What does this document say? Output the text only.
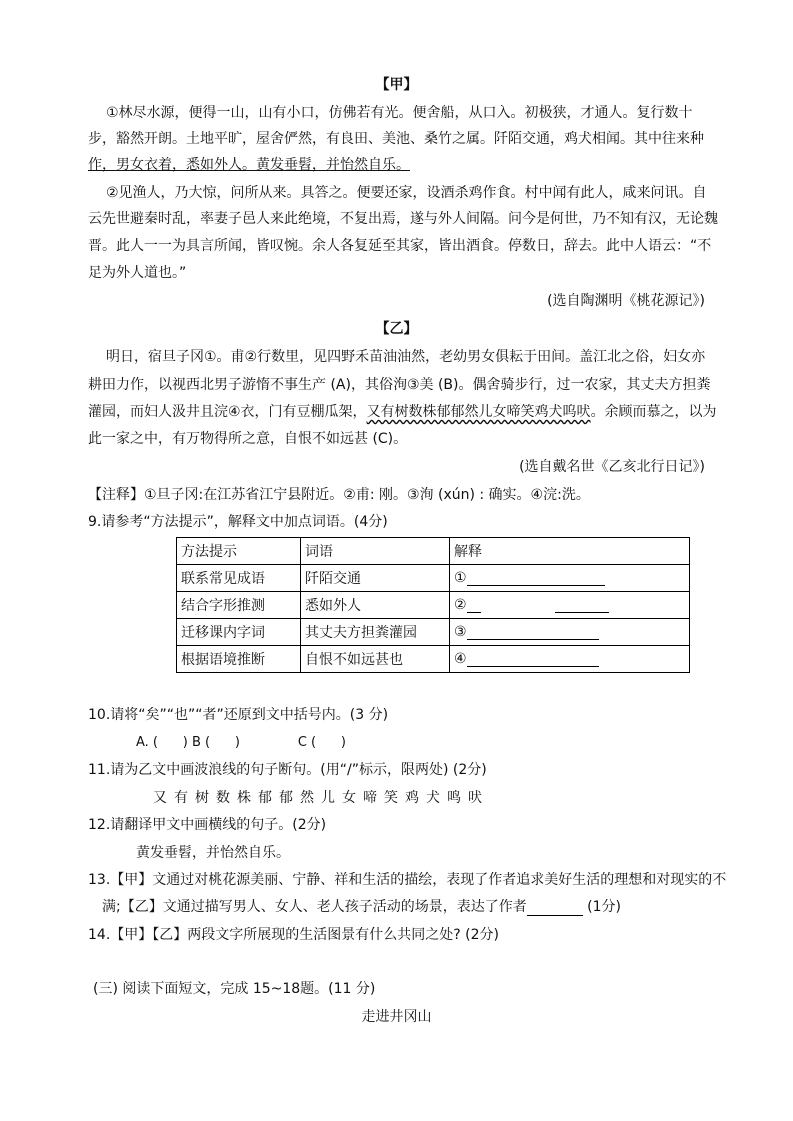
【甲】
①林尽水源，便得一山，山有小口，仿佛若有光。便舍船，从口入。初极狭，才通人。复行数十
步，豁然开朗。土地平旷，屋舍俨然，有良田、美池、桑竹之属。阡陌交通，鸡犬相闻。其中往来种
作，男女衣着，悉如外人。黄发垂髫，并怡然自乐。
②见渔人，乃大惊，问所从来。具答之。便要还家，设酒杀鸡作食。村中闻有此人，咸来问讯。自
云先世避秦时乱，率妻子邑人来此绝境，不复出焉，遂与外人间隔。问今是何世，乃不知有汉，无论魏
晋。此人一一为具言所闻，皆叹惋。余人各复延至其家，皆出酒食。停数日，辞去。此中人语云：“不
足为外人道也。”
(选自陶渊明《桃花源记》)
【乙】
明日，宿旦子冈①。甫②行数里，见四野禾苗油油然，老幼男女俱耘于田间。盖江北之俗，妇女亦
耕田力作，以视西北男子游惰不事生产 (A)，其俗洵③美 (B)。偶舍骑步行，过一农家，其丈夫方担粪
灌园，而妇人汲井且浣④衣，门有豆棚瓜架，又有树数株郁郁然儿女啼笑鸡犬呜吠。余顾而慕之，以为
此一家之中，有万物得所之意，自恨不如远甚 (C)。
(选自戴名世《乙亥北行日记》)
【注释】①旦子冈:在江苏省江宁县附近。②甫: 刚。③洵 (xún) : 确实。④浣:洗。
9.请参考“方法提示”，解释文中加点词语。(4分)
方法提示	词语	解释
联系常见成语	阡陌交通	①
结合字形推测	悉如外人	②
迁移课内字词	其丈夫方担粪灌园	③
根据语境推断	自恨不如远甚也	④
10.请将“矣”“也”“者”还原到文中括号内。(3 分)
A. (      ) B (      )              C (      )
11.请为乙文中画波浪线的句子断句。(用“/”标示，限两处) (2分)
又有树数株郁郁然儿女啼笑鸡犬鸣吠
12.请翻译甲文中画横线的句子。(2分)
黄发垂髫，并怡然自乐。
13.【甲】文通过对桃花源美丽、宁静、祥和生活的描绘，表现了作者追求美好生活的理想和对现实的不
满;【乙】文通过描写男人、女人、老人孩子活动的场景，表达了作者	(1分)
14.【甲】【乙】两段文字所展现的生活图景有什么共同之处? (2分)
(三) 阅读下面短文，完成 15~18题。(11 分)
走进井冈山
